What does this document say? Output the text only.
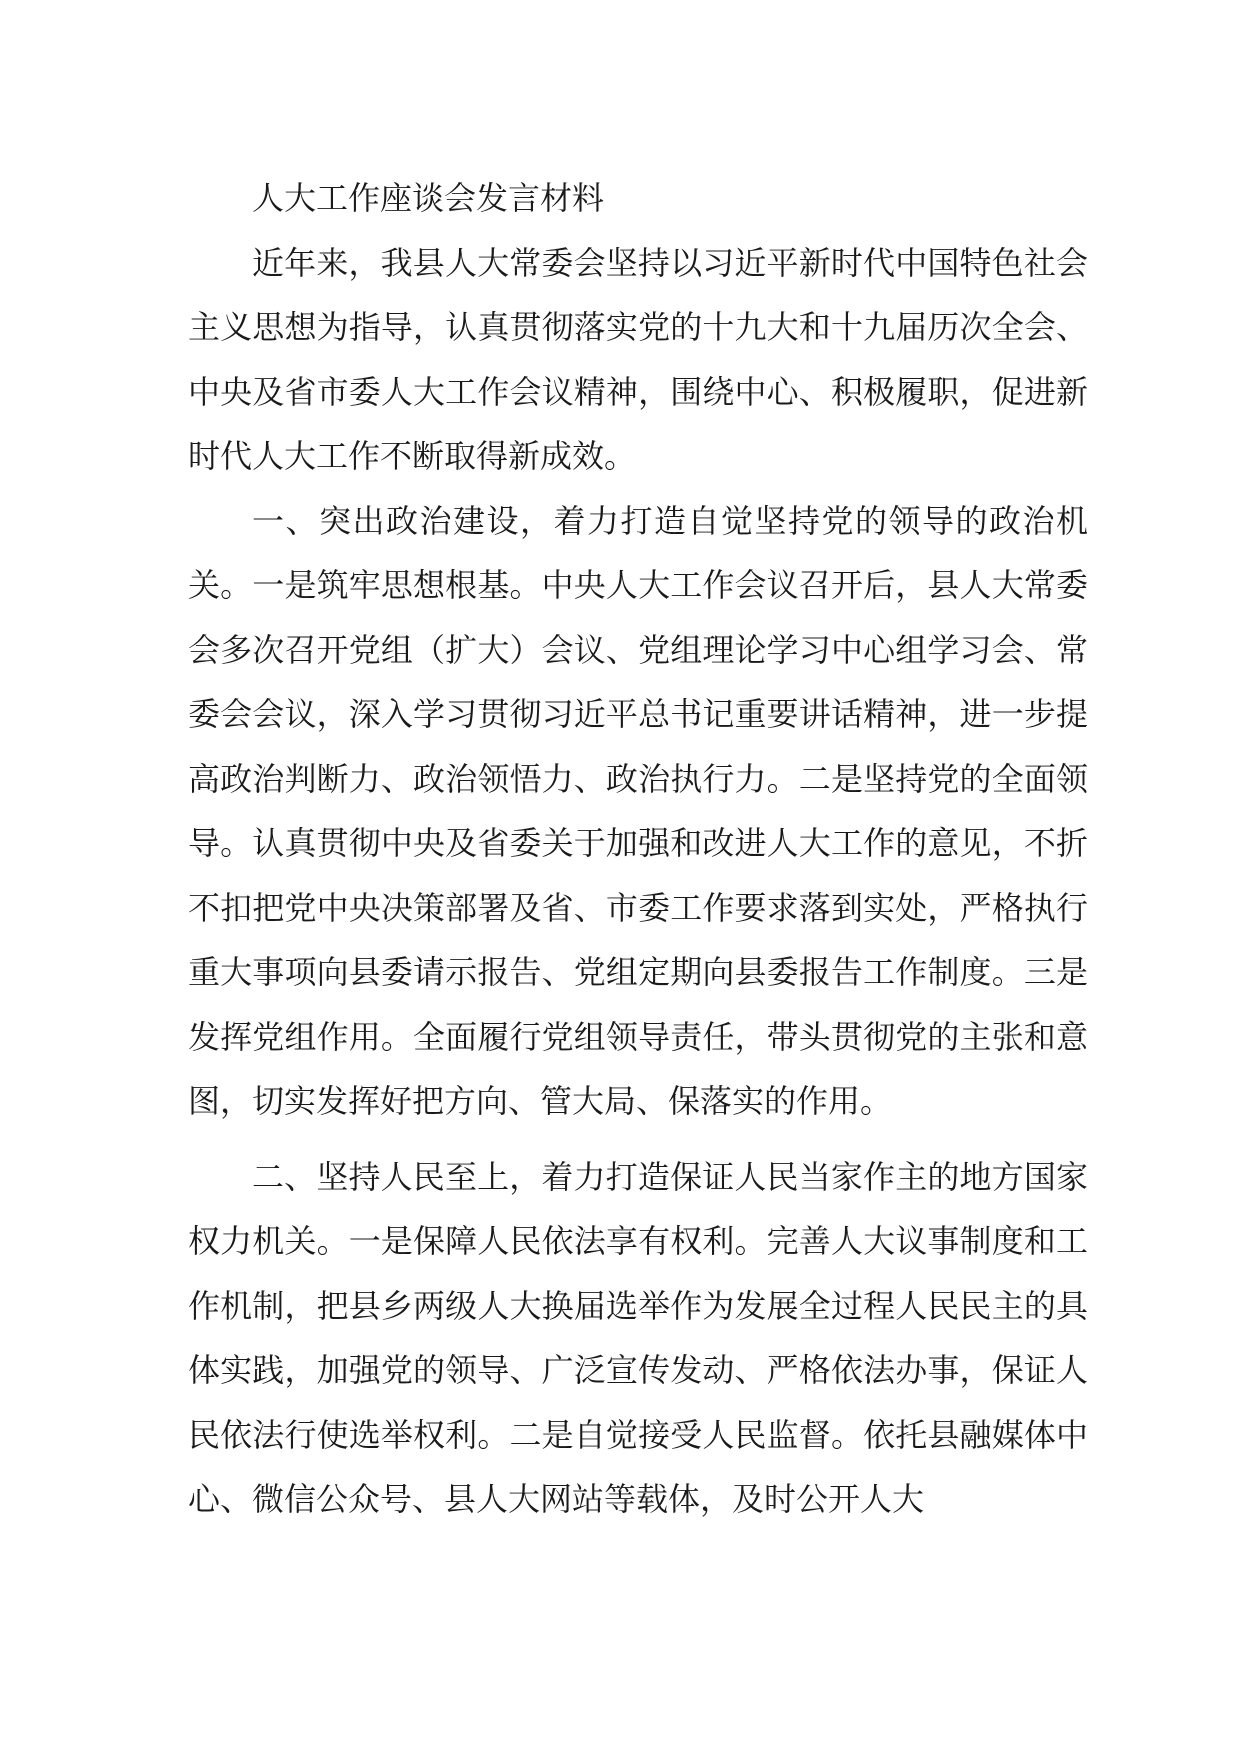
人大工作座谈会发言材料

近年来，我县人大常委会坚持以习近平新时代中国特色社会主义思想为指导，认真贯彻落实党的十九大和十九届历次全会、中央及省市委人大工作会议精神，围绕中心、积极履职，促进新时代人大工作不断取得新成效。

一、突出政治建设，着力打造自觉坚持党的领导的政治机关。一是筑牢思想根基。中央人大工作会议召开后，县人大常委会多次召开党组（扩大）会议、党组理论学习中心组学习会、常委会会议，深入学习贯彻习近平总书记重要讲话精神，进一步提高政治判断力、政治领悟力、政治执行力。二是坚持党的全面领导。认真贯彻中央及省委关于加强和改进人大工作的意见，不折不扣把党中央决策部署及省、市委工作要求落到实处，严格执行重大事项向县委请示报告、党组定期向县委报告工作制度。三是发挥党组作用。全面履行党组领导责任，带头贯彻党的主张和意图，切实发挥好把方向、管大局、保落实的作用。

二、坚持人民至上，着力打造保证人民当家作主的地方国家权力机关。一是保障人民依法享有权利。完善人大议事制度和工作机制，把县乡两级人大换届选举作为发展全过程人民民主的具体实践，加强党的领导、广泛宣传发动、严格依法办事，保证人民依法行使选举权利。二是自觉接受人民监督。依托县融媒体中心、微信公众号、县人大网站等载体，及时公开人大
